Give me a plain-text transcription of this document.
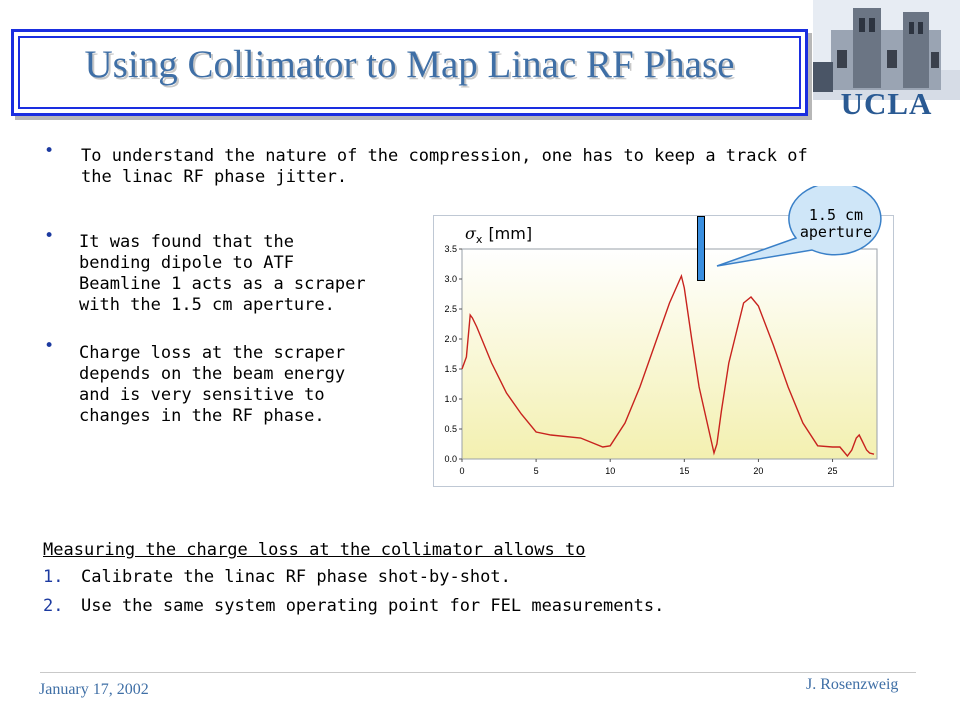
Using Collimator to Map Linac RF Phase
UCLA
• To understand the nature of the compression, one has to keep a track of
the linac RF phase jitter.
• It was found that the
bending dipole to ATF
Beamline 1 acts as a scraper
with the 1.5 cm aperture.
• Charge loss at the scraper
depends on the beam energy
and is very sensitive to
changes in the RF phase.
0.0
0.5
1.0
1.5
2.0
2.5
3.0
3.5
0	5	10	15	20	25
$\sigma_x$ [mm]
1.5 cm
aperture
Measuring the charge loss at the collimator allows to
1. Calibrate the linac RF phase shot-by-shot.
2. Use the same system operating point for FEL measurements.
January 17, 2002	J. Rosenzweig
